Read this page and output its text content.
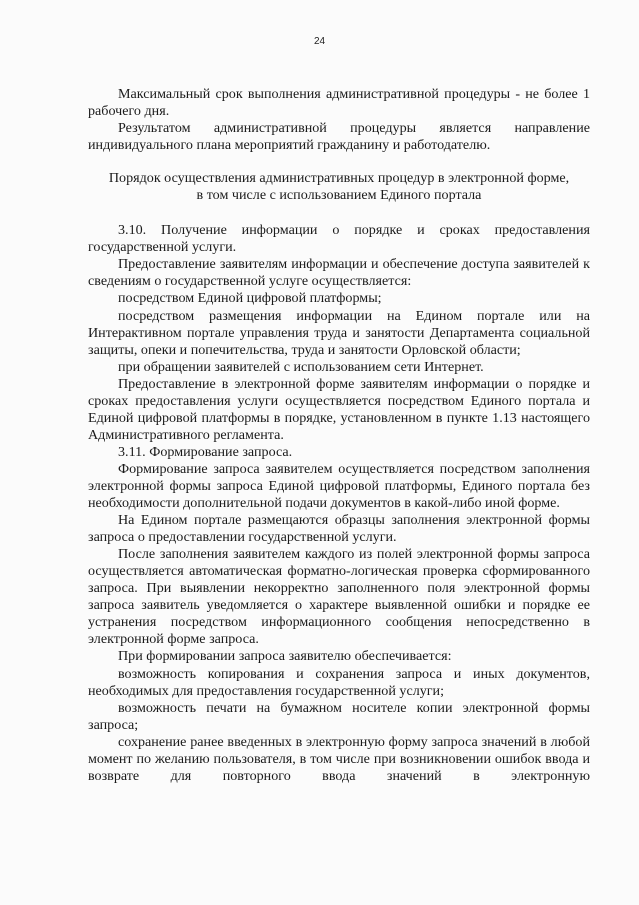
24

Максимальный срок выполнения административной процедуры - не более 1 рабочего дня.

Результатом административной процедуры является направление индивидуального плана мероприятий гражданину и работодателю.

Порядок осуществления административных процедур в электронной форме,
в том числе с использованием Единого портала

3.10. Получение информации о порядке и сроках предоставления государственной услуги.

Предоставление заявителям информации и обеспечение доступа заявителей к сведениям о государственной услуге осуществляется:

посредством Единой цифровой платформы;

посредством размещения информации на Едином портале или на Интерактивном портале управления труда и занятости Департамента социальной защиты, опеки и попечительства, труда и занятости Орловской области;

при обращении заявителей с использованием сети Интернет.

Предоставление в электронной форме заявителям информации о порядке и сроках предоставления услуги осуществляется посредством Единого портала и Единой цифровой платформы в порядке, установленном в пункте 1.13 настоящего Административного регламента.

3.11. Формирование запроса.

Формирование запроса заявителем осуществляется посредством заполнения электронной формы запроса Единой цифровой платформы, Единого портала без необходимости дополнительной подачи документов в какой-либо иной форме.

На Едином портале размещаются образцы заполнения электронной формы запроса о предоставлении государственной услуги.

После заполнения заявителем каждого из полей электронной формы запроса осуществляется автоматическая форматно-логическая проверка сформированного запроса. При выявлении некорректно заполненного поля электронной формы запроса заявитель уведомляется о характере выявленной ошибки и порядке ее устранения посредством информационного сообщения непосредственно в электронной форме запроса.

При формировании запроса заявителю обеспечивается:

возможность копирования и сохранения запроса и иных документов, необходимых для предоставления государственной услуги;

возможность печати на бумажном носителе копии электронной формы запроса;

сохранение ранее введенных в электронную форму запроса значений в любой момент по желанию пользователя, в том числе при возникновении ошибок ввода и возврате для повторного ввода значений в электронную
